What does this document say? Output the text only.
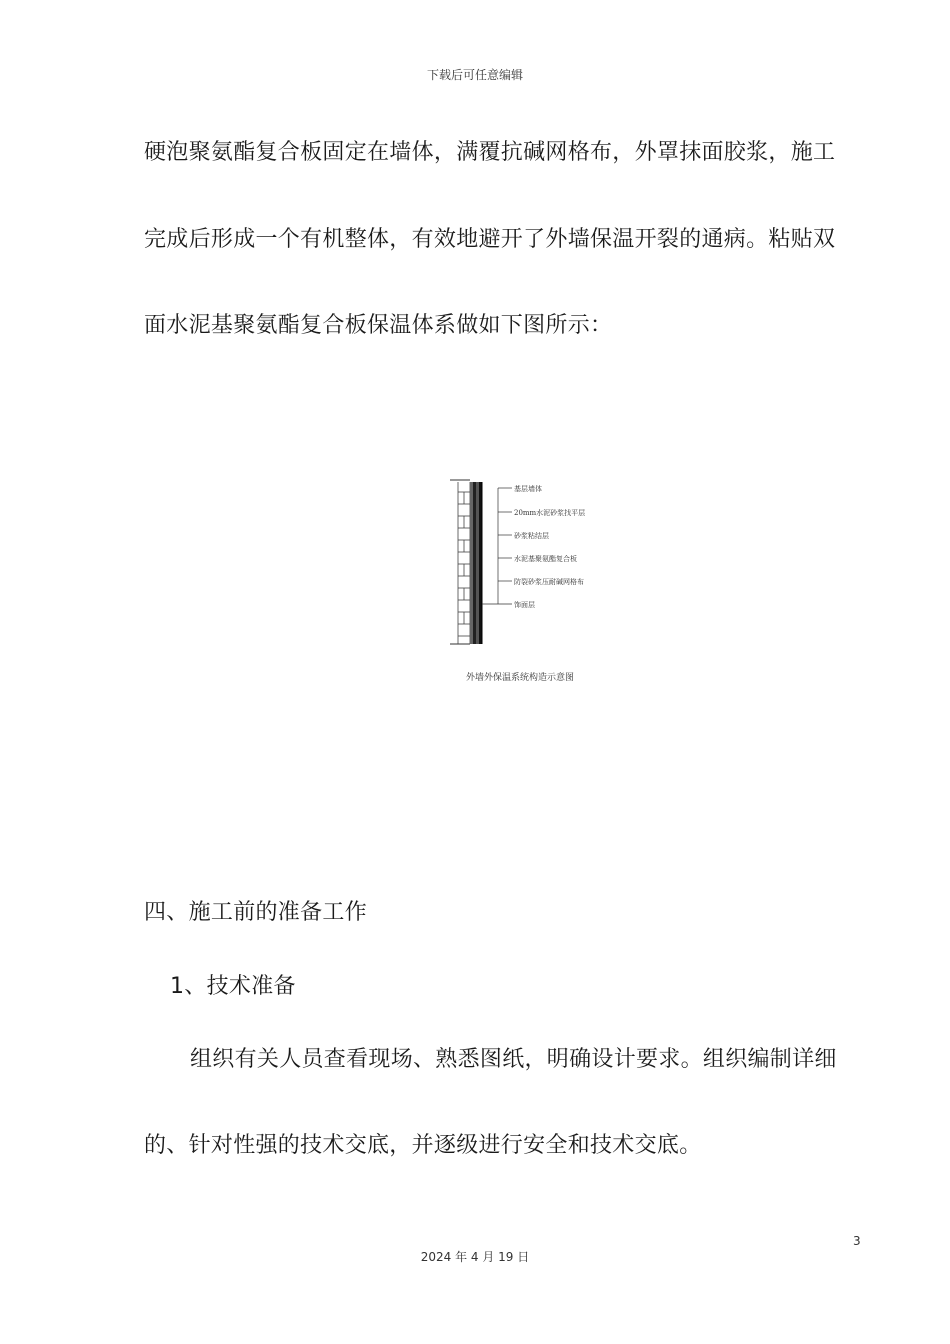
下载后可任意编辑
硬泡聚氨酯复合板固定在墙体，满覆抗碱网格布，外罩抹面胶浆，施工
完成后形成一个有机整体，有效地避开了外墙保温开裂的通病。粘贴双
面水泥基聚氨酯复合板保温体系做如下图所示：
基层墙体
20mm水泥砂浆找平层
砂浆粘结层
水泥基聚氨酯复合板
防裂砂浆压耐碱网格布
饰面层
外墙外保温系统构造示意图
四、施工前的准备工作
1、技术准备
组织有关人员查看现场、熟悉图纸，明确设计要求。组织编制详细
的、针对性强的技术交底，并逐级进行安全和技术交底。
3
2024 年 4 月 19 日
